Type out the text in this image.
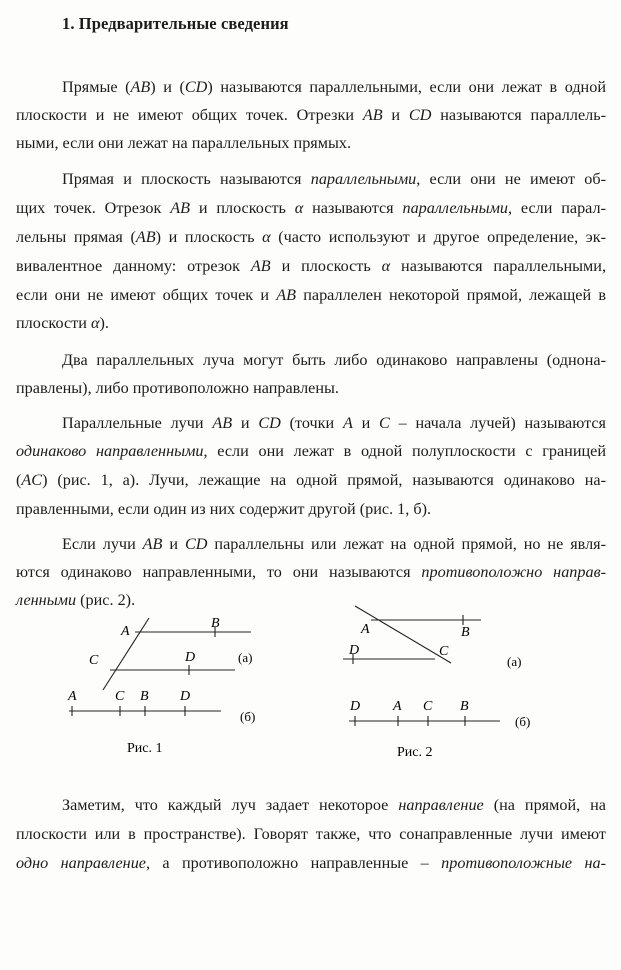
1. Предварительные сведения
Прямые (AB) и (CD) называются параллельными, если они лежат в одной
плоскости и не имеют общих точек. Отрезки AB и CD называются параллель-
ными, если они лежат на параллельных прямых.
Прямая и плоскость называются параллельными, если они не имеют об-
щих точек. Отрезок AB и плоскость α называются параллельными, если парал-
лельны прямая (AB) и плоскость α (часто используют и другое определение, эк-
вивалентное данному: отрезок AB и плоскость α называются параллельными,
если они не имеют общих точек и AB параллелен некоторой прямой, лежащей в
плоскости α).
Два параллельных луча могут быть либо одинаково направлены (однона-
правлены), либо противоположно направлены.
Параллельные лучи AB и CD (точки A и C – начала лучей) называются
одинаково направленными, если они лежат в одной полуплоскости с границей
(AC) (рис. 1, а). Лучи, лежащие на одной прямой, называются одинаково на-
правленными, если один из них содержит другой (рис. 1, б).
Если лучи AB и CD параллельны или лежат на одной прямой, но не явля-
ются одинаково направленными, то они называются противоположно направ-
ленными (рис. 2).
A
B
C	D	(а)
A	C B D
(б)
Рис. 1
A	B
D	C
(а)
D A C B
(б)
Рис. 2
Заметим, что каждый луч задает некоторое направление (на прямой, на
плоскости или в пространстве). Говорят также, что сонаправленные лучи имеют
одно направление, а противоположно направленные – противоположные на-
